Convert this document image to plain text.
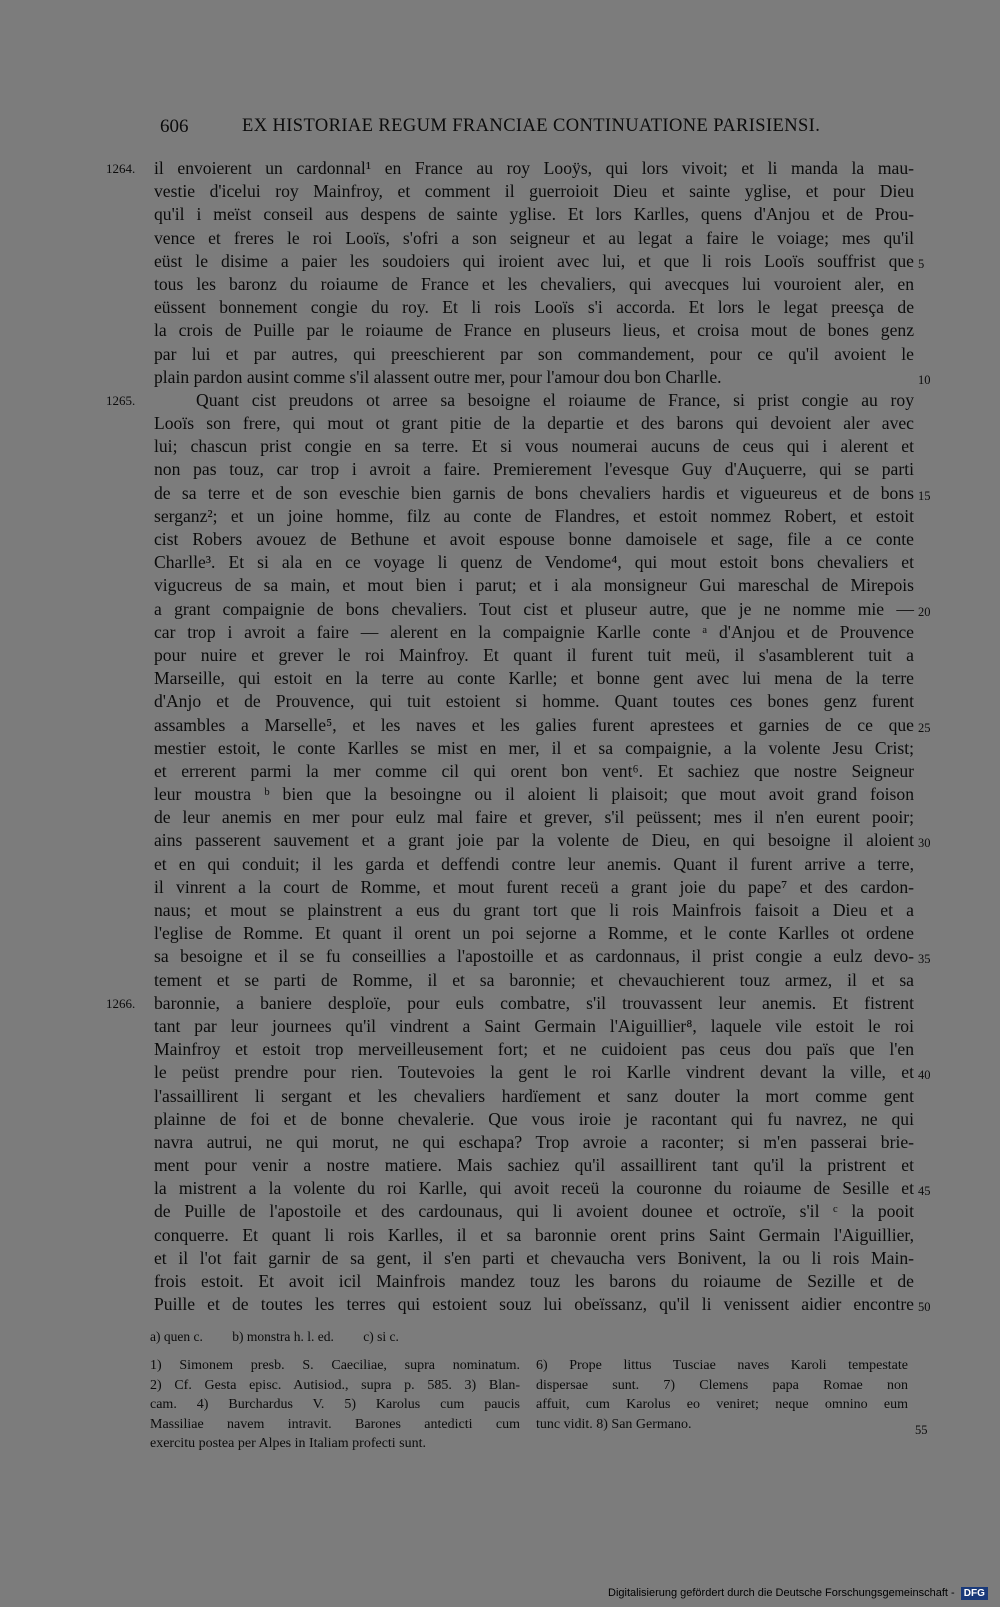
606	EX HISTORIAE REGUM FRANCIAE CONTINUATIONE PARISIENSI.
il envoierent un cardonnal¹ en France au roy Looÿs, qui lors vivoit; et li manda la mau-
1264.
vestie d'icelui roy Mainfroy, et comment il guerroioit Dieu et sainte yglise, et pour Dieu
qu'il i meïst conseil aus despens de sainte yglise. Et lors Karlles, quens d'Anjou et de Prou-
vence et freres le roi Looïs, s'ofri a son seigneur et au legat a faire le voiage; mes qu'il
eüst le disime a paier les soudoiers qui iroient avec lui, et que li rois Looïs souffrist que 5
tous les baronz du roiaume de France et les chevaliers, qui avecques lui vouroient aler, en
eüssent bonnement congie du roy. Et li rois Looïs s'i accorda. Et lors le legat preesça de
la crois de Puille par le roiaume de France en pluseurs lieus, et croisa mout de bones genz
par lui et par autres, qui preeschierent par son commandement, pour ce qu'il avoient le
plain pardon ausint comme s'il alassent outre mer, pour l'amour dou bon Charlle.	10
Quant cist preudons ot arree sa besoigne el roiaume de France, si prist congie au roy
1265.
Looïs son frere, qui mout ot grant pitie de la departie et des barons qui devoient aler avec
lui; chascun prist congie en sa terre. Et si vous noumerai aucuns de ceus qui i alerent et
non pas touz, car trop i avroit a faire. Premierement l'evesque Guy d'Auçuerre, qui se parti
de sa terre et de son eveschie bien garnis de bons chevaliers hardis et vigueureus et de bons 15
serganz²; et un joine homme, filz au conte de Flandres, et estoit nommez Robert, et estoit
cist Robers avouez de Bethune et avoit espouse bonne damoisele et sage, file a ce conte
Charlle³. Et si ala en ce voyage li quenz de Vendome⁴, qui mout estoit bons chevaliers et
vigucreus de sa main, et mout bien i parut; et i ala monsigneur Gui mareschal de Mirepois
a grant compaignie de bons chevaliers. Tout cist et pluseur autre, que je ne nomme mie — 20
car trop i avroit a faire — alerent en la compaignie Karlle conte ᵃ d'Anjou et de Prouvence
pour nuire et grever le roi Mainfroy. Et quant il furent tuit meü, il s'asamblerent tuit a
Marseille, qui estoit en la terre au conte Karlle; et bonne gent avec lui mena de la terre
d'Anjo et de Prouvence, qui tuit estoient si homme. Quant toutes ces bones genz furent
assambles a Marselle⁵, et les naves et les galies furent aprestees et garnies de ce que 25
mestier estoit, le conte Karlles se mist en mer, il et sa compaignie, a la volente Jesu Crist;
et errerent parmi la mer comme cil qui orent bon vent⁶. Et sachiez que nostre Seigneur
leur moustra ᵇ bien que la besoingne ou il aloient li plaisoit; que mout avoit grand foison
de leur anemis en mer pour eulz mal faire et grever, s'il peüssent; mes il n'en eurent pooir;
ains passerent sauvement et a grant joie par la volente de Dieu, en qui besoigne il aloient 30
et en qui conduit; il les garda et deffendi contre leur anemis. Quant il furent arrive a terre,
il vinrent a la court de Romme, et mout furent receü a grant joie du pape⁷ et des cardon-
naus; et mout se plainstrent a eus du grant tort que li rois Mainfrois faisoit a Dieu et a
l'eglise de Romme. Et quant il orent un poi sejorne a Romme, et le conte Karlles ot ordene
sa besoigne et il se fu conseillies a l'apostoille et as cardonnaus, il prist congie a eulz devo- 35
tement et se parti de Romme, il et sa baronnie; et chevauchierent touz armez, il et sa
baronnie, a baniere desploïe, pour euls combatre, s'il trouvassent leur anemis. Et fistrent
1266.
tant par leur journees qu'il vindrent a Saint Germain l'Aiguillier⁸, laquele vile estoit le roi
Mainfroy et estoit trop merveilleusement fort; et ne cuidoient pas ceus dou païs que l'en
le peüst prendre pour rien. Toutevoies la gent le roi Karlle vindrent devant la ville, et 40
l'assaillirent li sergant et les chevaliers hardïement et sanz douter la mort comme gent
plainne de foi et de bonne chevalerie. Que vous iroie je racontant qui fu navrez, ne qui
navra autrui, ne qui morut, ne qui eschapa? Trop avroie a raconter; si m'en passerai brie-
ment pour venir a nostre matiere. Mais sachiez qu'il assaillirent tant qu'il la pristrent et
la mistrent a la volente du roi Karlle, qui avoit receü la couronne du roiaume de Sesille et 45
de Puille de l'apostoile et des cardounaus, qui li avoient dounee et octroïe, s'il ᶜ la pooit
conquerre. Et quant li rois Karlles, il et sa baronnie orent prins Saint Germain l'Aiguillier,
et il l'ot fait garnir de sa gent, il s'en parti et chevaucha vers Bonivent, la ou li rois Main-
frois estoit. Et avoit icil Mainfrois mandez touz les barons du roiaume de Sezille et de
Puille et de toutes les terres qui estoient souz lui obeïssanz, qu'il li venissent aidier encontre 50
a) quen c. b) monstra h. l. ed. c) si c.
1) Simonem presb. S. Caeciliae, supra nominatum.
2) Cf. Gesta episc. Autisiod., supra p. 585. 3) Blan-
cam. 4) Burchardus V. 5) Karolus cum paucis
Massiliae navem intravit. Barones antedicti cum
exercitu postea per Alpes in Italiam profecti sunt.
6) Prope littus Tusciae naves Karoli tempestate
dispersae sunt. 7) Clemens papa Romae non
affuit, cum Karolus eo veniret; neque omnino eum
tunc vidit. 8) San Germano.	55
Digitalisierung gefördert durch die Deutsche Forschungsgemeinschaft - DFG
